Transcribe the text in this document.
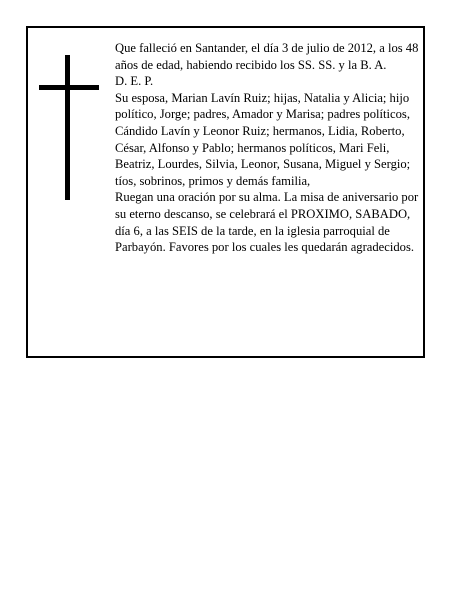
Que falleció en Santander, el día 3 de julio de 2012, a los 48 años de edad, habiendo recibido los SS. SS. y la B. A.

D. E. P.

Su esposa, Marian Lavín Ruiz; hijas, Natalia y Alicia; hijo político, Jorge; padres, Amador y Marisa; padres políticos, Cándido Lavín y Leonor Ruiz; hermanos, Lidia, Roberto, César, Alfonso y Pablo; hermanos políticos, Mari Feli, Beatriz, Lourdes, Silvia, Leonor, Susana, Miguel y Sergio; tíos, sobrinos, primos y demás familia,

Ruegan una oración por su alma. La misa de aniversario por su eterno descanso, se celebrará el PROXIMO, SABADO, día 6, a las SEIS de la tarde, en la iglesia parroquial de Parbayón. Favores por los cuales les quedarán agradecidos.
